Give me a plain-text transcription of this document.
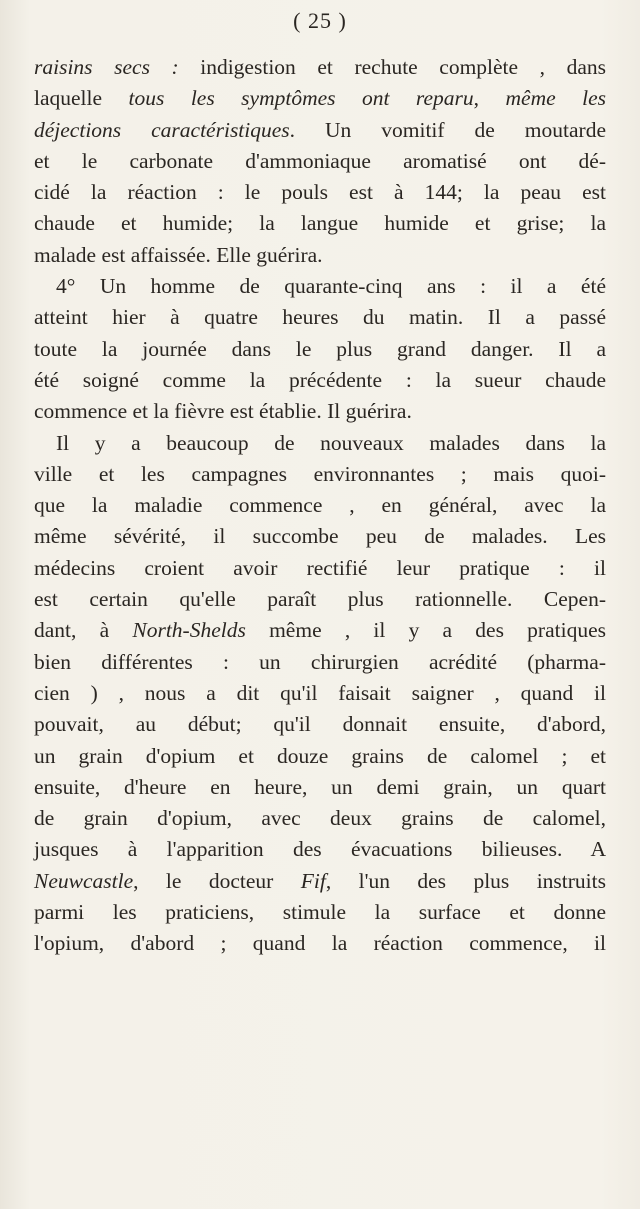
( 25 )
raisins secs : indigestion et rechute complète , dans
laquelle tous les symptômes ont reparu, même les
déjections caractéristiques. Un vomitif de moutarde
et le carbonate d'ammoniaque aromatisé ont dé-
cidé la réaction : le pouls est à 144; la peau est
chaude et humide; la langue humide et grise; la
malade est affaissée. Elle guérira.
4° Un homme de quarante-cinq ans : il a été
atteint hier à quatre heures du matin. Il a passé
toute la journée dans le plus grand danger. Il a
été soigné comme la précédente : la sueur chaude
commence et la fièvre est établie. Il guérira.
Il y a beaucoup de nouveaux malades dans la
ville et les campagnes environnantes ; mais quoi-
que la maladie commence , en général, avec la
même sévérité, il succombe peu de malades. Les
médecins croient avoir rectifié leur pratique : il
est certain qu'elle paraît plus rationnelle. Cepen-
dant, à North-Shelds même , il y a des pratiques
bien différentes : un chirurgien acrédité (pharma-
cien ) , nous a dit qu'il faisait saigner , quand il
pouvait, au début; qu'il donnait ensuite, d'abord,
un grain d'opium et douze grains de calomel ; et
ensuite, d'heure en heure, un demi grain, un quart
de grain d'opium, avec deux grains de calomel,
jusques à l'apparition des évacuations bilieuses. A
Neuwcastle, le docteur Fif, l'un des plus instruits
parmi les praticiens, stimule la surface et donne
l'opium, d'abord ; quand la réaction commence, il
